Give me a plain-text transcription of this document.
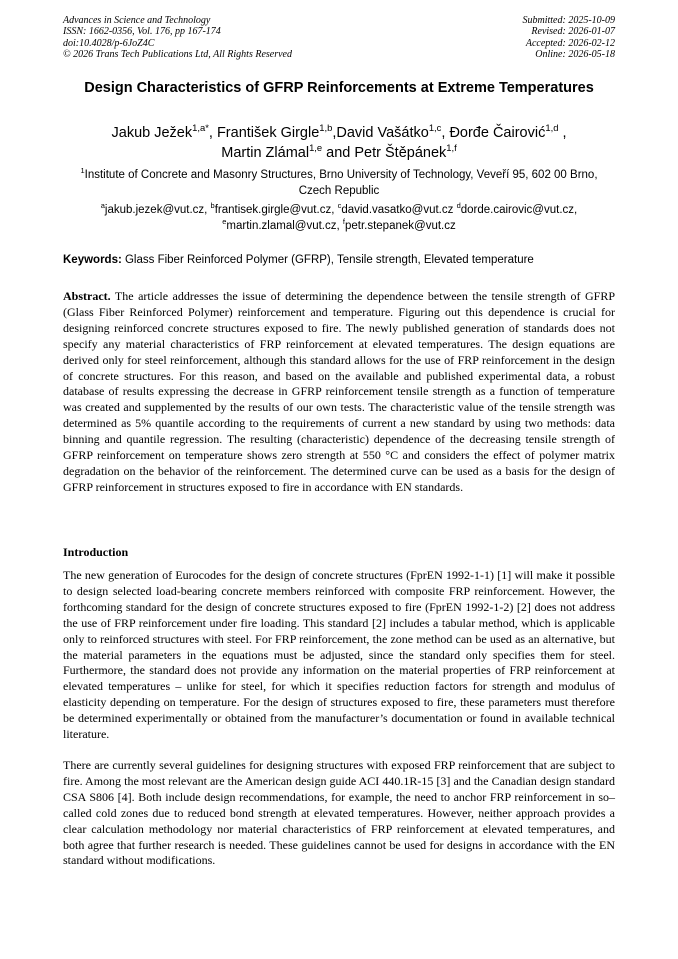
Advances in Science and Technology
ISSN: 1662-0356, Vol. 176, pp 167-174
doi:10.4028/p-6JoZ4C
© 2026 Trans Tech Publications Ltd, All Rights Reserved
Submitted: 2025-10-09
Revised: 2026-01-07
Accepted: 2026-02-12
Online: 2026-05-18
Design Characteristics of GFRP Reinforcements at Extreme Temperatures
Jakub Ježek$^{1,a*}$, František Girgle$^{1,b}$,David Vašátko$^{1,c}$, Đorđe Čairović$^{1,d}$ ,
Martin Zlámal$^{1,e}$ and Petr Štěpánek$^{1,f}$
$^1$Institute of Concrete and Masonry Structures, Brno University of Technology, Veveří 95, 602 00 Brno, Czech Republic
$^a$jakub.jezek@vut.cz, $^b$frantisek.girgle@vut.cz, $^c$david.vasatko@vut.cz $^d$dorde.cairovic@vut.cz,
$^e$martin.zlamal@vut.cz, $^f$petr.stepanek@vut.cz
Keywords: Glass Fiber Reinforced Polymer (GFRP), Tensile strength, Elevated temperature
Abstract. The article addresses the issue of determining the dependence between the tensile strength of GFRP (Glass Fiber Reinforced Polymer) reinforcement and temperature. Figuring out this dependence is crucial for designing reinforced concrete structures exposed to fire. The newly published generation of standards does not specify any material characteristics of FRP reinforcement at elevated temperatures. The design equations are derived only for steel reinforcement, although this standard allows for the use of FRP reinforcement in the design of concrete structures. For this reason, and based on the available and published experimental data, a robust database of results expressing the decrease in GFRP reinforcement tensile strength as a function of temperature was created and supplemented by the results of our own tests. The characteristic value of the tensile strength was determined as 5% quantile according to the requirements of current a new standard by using two methods: data binning and quantile regression. The resulting (characteristic) dependence of the decreasing tensile strength of GFRP reinforcement on temperature shows zero strength at 550 °C and considers the effect of polymer matrix degradation on the behavior of the reinforcement. The determined curve can be used as a basis for the design of GFRP reinforcement in structures exposed to fire in accordance with EN standards.
Introduction

The new generation of Eurocodes for the design of concrete structures (FprEN 1992-1-1) [1] will make it possible to design selected load-bearing concrete members reinforced with composite FRP reinforcement. However, the forthcoming standard for the design of concrete structures exposed to fire (FprEN 1992-1-2) [2] does not address the use of FRP reinforcement under fire loading. This standard [2] includes a tabular method, which is applicable only to reinforced structures with steel. For FRP reinforcement, the zone method can be used as an alternative, but the material parameters in the equations must be adjusted, since the standard only specifies them for steel. Furthermore, the standard does not provide any information on the material properties of FRP reinforcement at elevated temperatures – unlike for steel, for which it specifies reduction factors for strength and modulus of elasticity depending on temperature. For the design of structures exposed to fire, these parameters must therefore be determined experimentally or obtained from the manufacturer’s documentation or found in available technical literature.

There are currently several guidelines for designing structures with exposed FRP reinforcement that are subject to fire. Among the most relevant are the American design guide ACI 440.1R-15 [3] and the Canadian design standard CSA S806 [4]. Both include design recommendations, for example, the need to anchor FRP reinforcement in so–called cold zones due to reduced bond strength at elevated temperatures. However, neither approach provides a clear calculation methodology nor material characteristics of FRP reinforcement at elevated temperatures, and both agree that further research is needed. These guidelines cannot be used for designs in accordance with the EN standard without modifications.
